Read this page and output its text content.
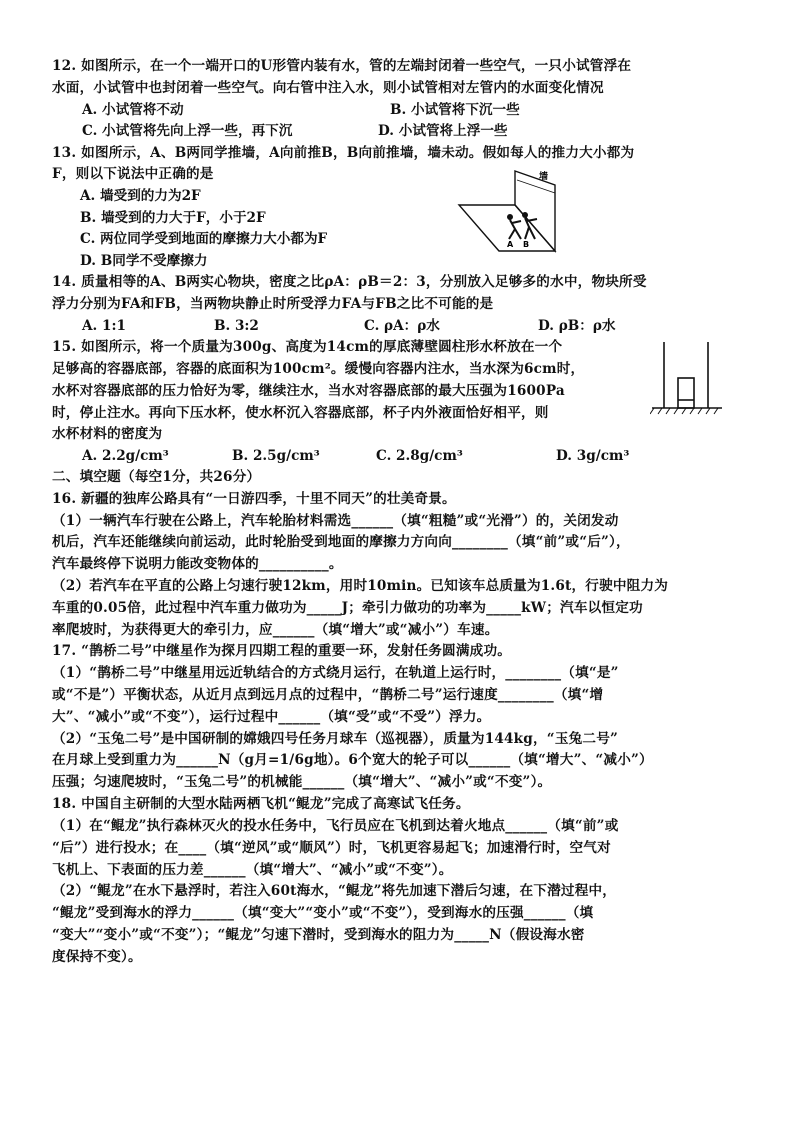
12. 如图所示，在一个一端开口的U形管内装有水，管的左端封闭着一些空气，一只小试管浮在
水面，小试管中也封闭着一些空气。向右管中注入水，则小试管相对左管内的水面变化情况
A. 小试管将不动	B. 小试管将下沉一些
C. 小试管将先向上浮一些，再下沉	D. 小试管将上浮一些
13. 如图所示，A、B两同学推墙，A向前推B，B向前推墙，墙未动。假如每人的推力大小都为
F，则以下说法中正确的是
A. 墙受到的力为2F
B. 墙受到的力大于F，小于2F
C. 两位同学受到地面的摩擦力大小都为F
D. B同学不受摩擦力
墙
A B
14. 质量相等的A、B两实心物块，密度之比ρA：ρB＝2：3，分别放入足够多的水中，物块所受
浮力分别为FA和FB，当两物块静止时所受浮力FA与FB之比不可能的是
A. 1:1	B. 3:2	C. ρA：ρ水	D. ρB：ρ水
15. 如图所示，将一个质量为300g、高度为14cm的厚底薄壁圆柱形水杯放在一个
足够高的容器底部，容器的底面积为100cm²。缓慢向容器内注水，当水深为6cm时，
水杯对容器底部的压力恰好为零，继续注水，当水对容器底部的最大压强为1600Pa
时，停止注水。再向下压水杯，使水杯沉入容器底部，杯子内外液面恰好相平，则
水杯材料的密度为
A. 2.2g/cm³	B. 2.5g/cm³	C. 2.8g/cm³	D. 3g/cm³
二、填空题（每空1分，共26分）
16. 新疆的独库公路具有“一日游四季，十里不同天”的壮美奇景。
（1）一辆汽车行驶在公路上，汽车轮胎材料需选______（填“粗糙”或“光滑”）的，关闭发动
机后，汽车还能继续向前运动，此时轮胎受到地面的摩擦力方向向________（填“前”或“后”），
汽车最终停下说明力能改变物体的__________。
（2）若汽车在平直的公路上匀速行驶12km，用时10min。已知该车总质量为1.6t，行驶中阻力为
车重的0.05倍，此过程中汽车重力做功为_____J；牵引力做功的功率为_____kW；汽车以恒定功
率爬坡时，为获得更大的牵引力，应______（填“增大”或“减小”）车速。
17. “鹊桥二号”中继星作为探月四期工程的重要一环，发射任务圆满成功。
（1）“鹊桥二号”中继星用远近轨结合的方式绕月运行，在轨道上运行时，________（填“是”
或“不是”）平衡状态，从近月点到远月点的过程中，“鹊桥二号”运行速度________（填“增
大”、“减小”或“不变”），运行过程中______（填“受”或“不受”）浮力。
（2）“玉兔二号”是中国研制的嫦娥四号任务月球车（巡视器），质量为144kg，“玉兔二号”
在月球上受到重力为______N（g月=1/6g地）。6个宽大的轮子可以______（填“增大”、“减小”）
压强；匀速爬坡时，“玉兔二号”的机械能______（填“增大”、“减小”或“不变”）。
18. 中国自主研制的大型水陆两栖飞机“鲲龙”完成了高寒试飞任务。
（1）在“鲲龙”执行森林灭火的投水任务中，飞行员应在飞机到达着火地点______（填“前”或
“后”）进行投水；在____（填“逆风”或“顺风”）时，飞机更容易起飞；加速滑行时，空气对
飞机上、下表面的压力差______（填“增大”、“减小”或“不变”）。
（2）“鲲龙”在水下悬浮时，若注入60t海水，“鲲龙”将先加速下潜后匀速，在下潜过程中，
“鲲龙”受到海水的浮力______（填“变大”“变小”或“不变”），受到海水的压强______（填
“变大”“变小”或“不变”）；“鲲龙”匀速下潜时，受到海水的阻力为_____N（假设海水密
度保持不变）。
